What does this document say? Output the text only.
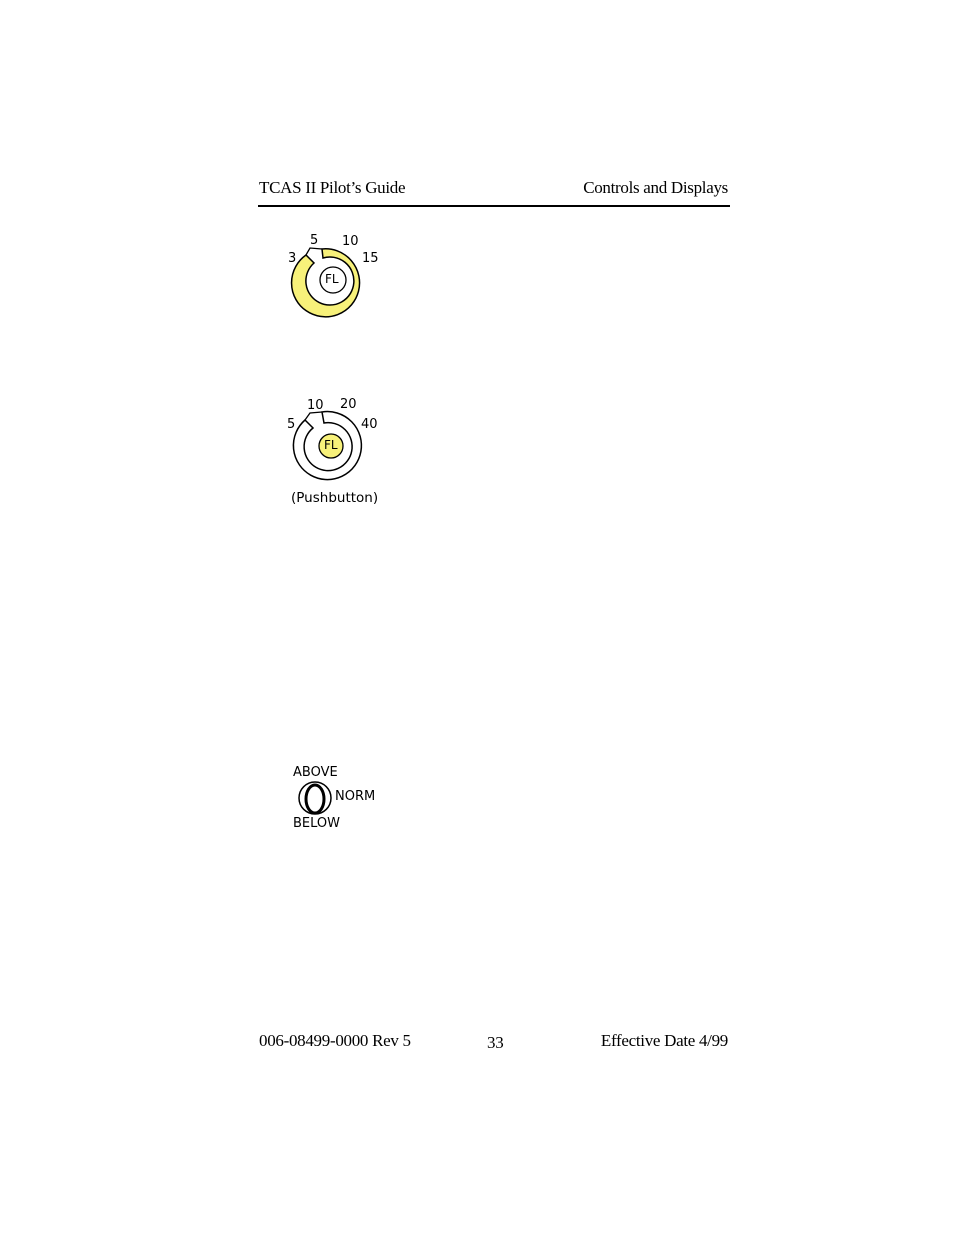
TCAS II Pilot’s Guide	Controls and Displays
3
5 10
15
FL
5
10 20
40
FL
(Pushbutton)
ABOVE
NORM
BELOW
006-08499-0000 Rev 5	33	Effective Date 4/99
